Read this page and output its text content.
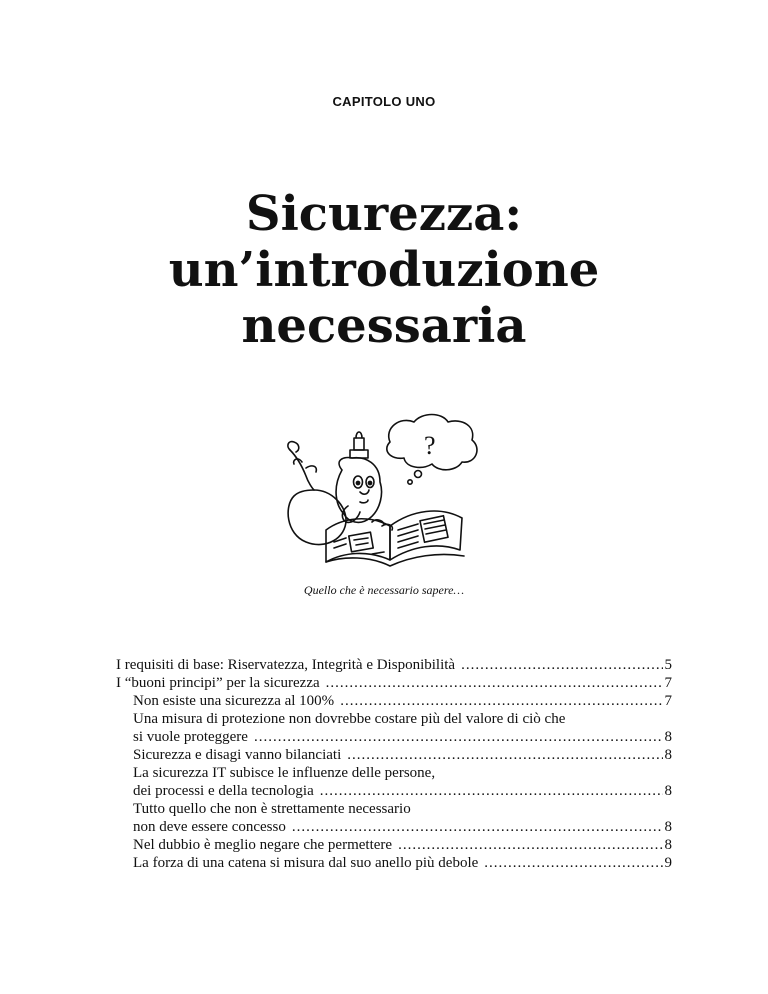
CAPITOLO UNO
Sicurezza:
un’introduzione
necessaria
?
Quello che è necessario sapere…
I requisiti di base: Riservatezza, Integrità e Disponibilità .....	5
I “buoni principi” per la sicurezza .....	7
Non esiste una sicurezza al 100% .....	7
Una misura di protezione non dovrebbe costare più del valore di ciò che
si vuole proteggere .....	8
Sicurezza e disagi vanno bilanciati .....	8
La sicurezza IT subisce le influenze delle persone,
dei processi e della tecnologia .....	8
Tutto quello che non è strettamente necessario
non deve essere concesso .....	8
Nel dubbio è meglio negare che permettere .....	8
La forza di una catena si misura dal suo anello più debole .....	9
